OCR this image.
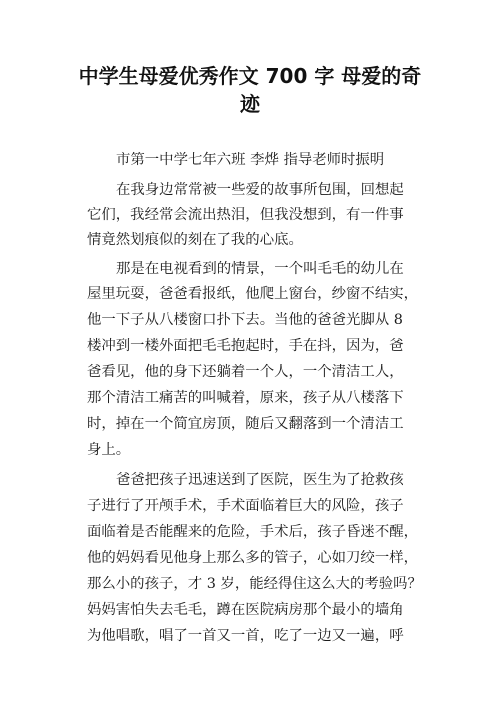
中学生母爱优秀作文 700 字 母爱的奇
迹

市第一中学七年六班 李烨 指导老师时振明

在我身边常常被一些爱的故事所包围，回想起

它们，我经常会流出热泪，但我没想到，有一件事

情竟然划痕似的刻在了我的心底。

那是在电视看到的情景，一个叫毛毛的幼儿在

屋里玩耍，爸爸看报纸，他爬上窗台，纱窗不结实，

他一下子从八楼窗口扑下去。当他的爸爸光脚从 8

楼冲到一楼外面把毛毛抱起时，手在抖，因为，爸

爸看见，他的身下还躺着一个人，一个清洁工人，

那个清洁工痛苦的叫喊着，原来，孩子从八楼落下

时，掉在一个简宜房顶，随后又翻落到一个清洁工

身上。

爸爸把孩子迅速送到了医院，医生为了抢救孩

子进行了开颅手术，手术面临着巨大的风险，孩子

面临着是否能醒来的危险，手术后，孩子昏迷不醒，

他的妈妈看见他身上那么多的管子，心如刀绞一样，

那么小的孩子，才 3 岁，能经得住这么大的考验吗？

妈妈害怕失去毛毛，蹲在医院病房那个最小的墙角

为他唱歌，唱了一首又一首，吃了一边又一遍，呼
